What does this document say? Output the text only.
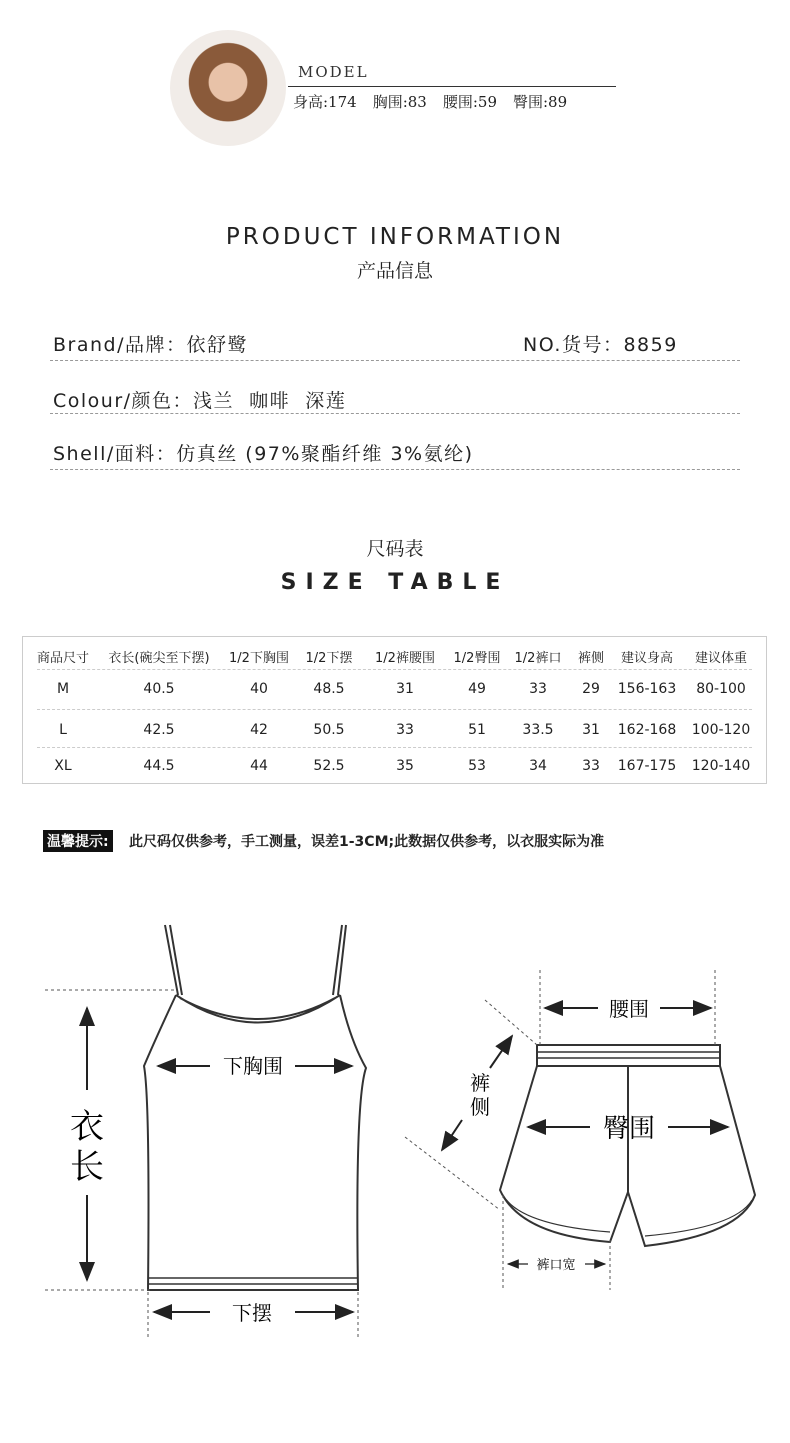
MODEL
身高:174 胸围:83 腰围:59 臀围:89
PRODUCT INFORMATION
产品信息
Brand/品牌：依舒鹭	NO.货号：8859
Colour/颜色：浅兰  咖啡  深莲
Shell/面料：仿真丝 (97%聚酯纤维 3%氨纶)
尺码表
SIZE TABLE
商品尺寸 衣长(碗尖至下摆) 1/2下胸围 1/2下摆 1/2裤腰围 1/2臀围 1/2裤口 裤侧 建议身高 建议体重
M	40.5	40	48.5	31	49	33	29 156-163 80-100
L	42.5	42	50.5	33	51	33.5 31 162-168 100-120
XL	44.5	44	52.5	35	53	34	33 167-175 120-140
温馨提示: 此尺码仅供参考，手工测量，误差1-3CM;此数据仅供参考，以衣服实际为准
下胸围
衣
长
下摆
腰围
臀围
裤
侧
裤口宽
